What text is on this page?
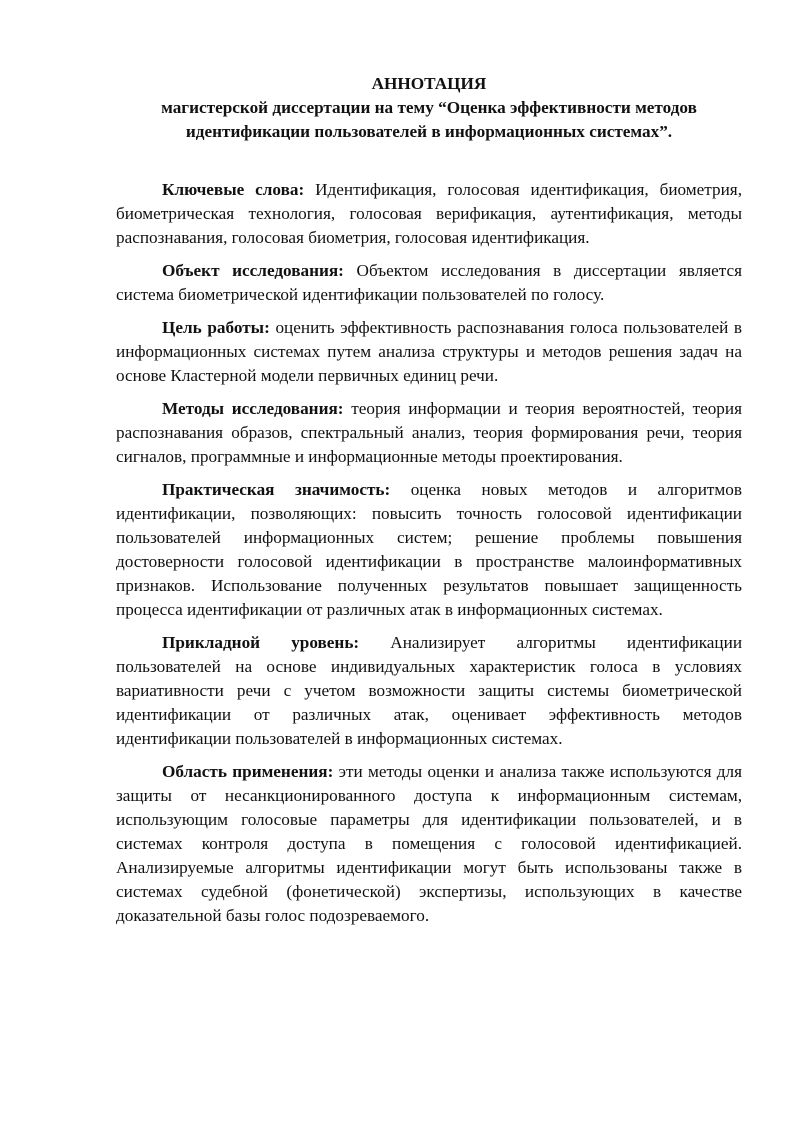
АННОТАЦИЯ

магистерской диссертации на тему “Оценка эффективности методов идентификации пользователей в информационных системах”.

Ключевые слова: Идентификация, голосовая идентификация, биометрия, биометрическая технология, голосовая верификация, аутентификация, методы распознавания, голосовая биометрия, голосовая идентификация.

Объект исследования: Объектом исследования в диссертации является система биометрической идентификации пользователей по голосу.

Цель работы: оценить эффективность распознавания голоса пользователей в информационных системах путем анализа структуры и методов решения задач на основе Кластерной модели первичных единиц речи.

Методы исследования: теория информации и теория вероятностей, теория распознавания образов, спектральный анализ, теория формирования речи, теория сигналов, программные и информационные методы проектирования.

Практическая значимость: оценка новых методов и алгоритмов идентификации, позволяющих: повысить точность голосовой идентификации пользователей информационных систем; решение проблемы повышения достоверности голосовой идентификации в пространстве малоинформативных признаков. Использование полученных результатов повышает защищенность процесса идентификации от различных атак в информационных системах.

Прикладной уровень: Анализирует алгоритмы идентификации пользователей на основе индивидуальных характеристик голоса в условиях вариативности речи с учетом возможности защиты системы биометрической идентификации от различных атак, оценивает эффективность методов идентификации пользователей в информационных системах.

Область применения: эти методы оценки и анализа также используются для защиты от несанкционированного доступа к информационным системам, использующим голосовые параметры для идентификации пользователей, и в системах контроля доступа в помещения с голосовой идентификацией. Анализируемые алгоритмы идентификации могут быть использованы также в системах судебной (фонетической) экспертизы, использующих в качестве доказательной базы голос подозреваемого.
